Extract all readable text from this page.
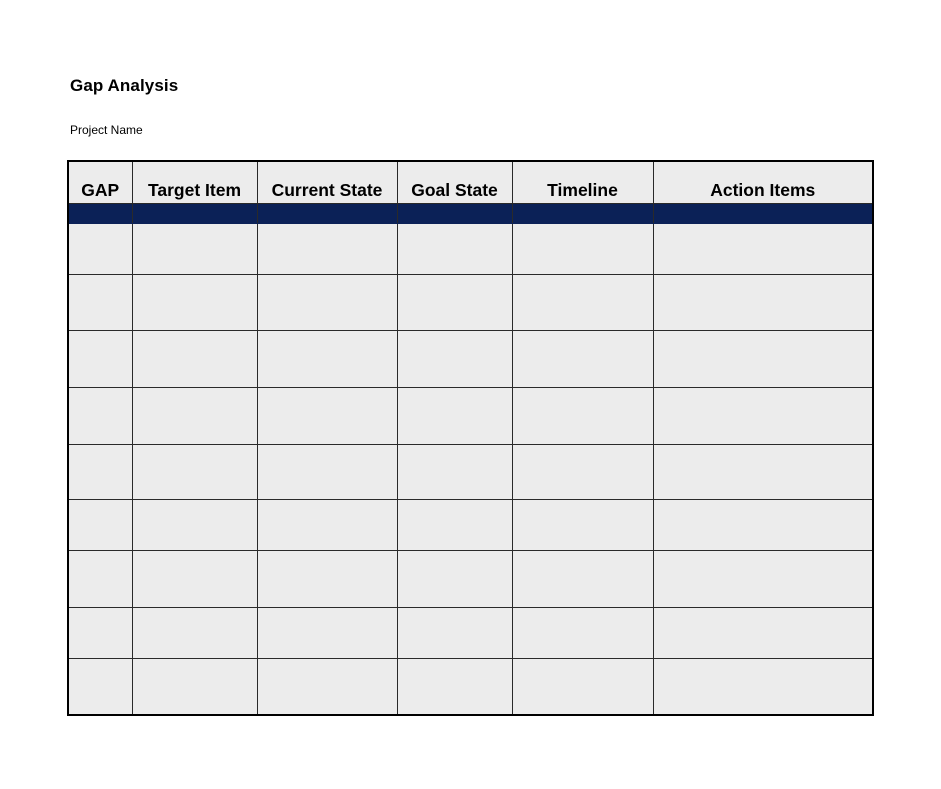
Gap Analysis
Project Name
GAP	Target Item	Current State	Goal State	Timeline	Action Items
